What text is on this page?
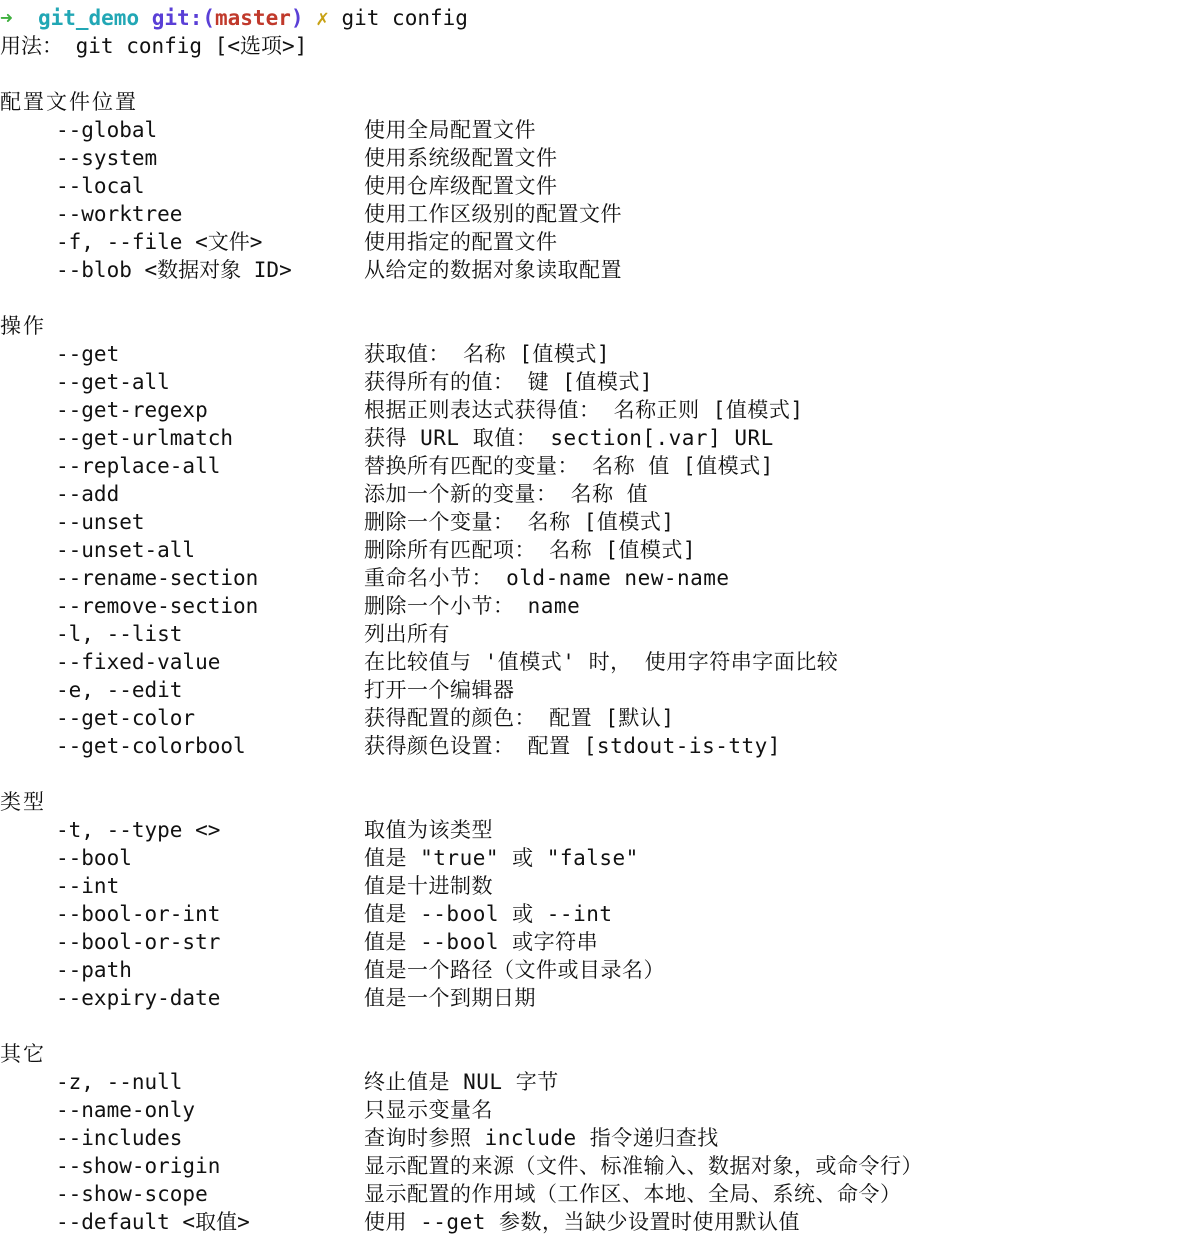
➜ git_demo git:(master) ✗ git config
用法： git config [<选项>]
配置文件位置
--global	使用全局配置文件
--system	使用系统级配置文件
--local	使用仓库级配置文件
--worktree	使用工作区级别的配置文件
-f, --file <文件>	使用指定的配置文件
--blob <数据对象 ID>	从给定的数据对象读取配置
操作
--get	获取值： 名称 [值模式]
--get-all	获得所有的值： 键 [值模式]
--get-regexp	根据正则表达式获得值： 名称正则 [值模式]
--get-urlmatch	获得 URL 取值： section[.var] URL
--replace-all	替换所有匹配的变量： 名称 值 [值模式]
--add	添加一个新的变量： 名称 值
--unset	删除一个变量： 名称 [值模式]
--unset-all	删除所有匹配项： 名称 [值模式]
--rename-section	重命名小节： old-name new-name
--remove-section	删除一个小节： name
-l, --list	列出所有
--fixed-value	在比较值与 '值模式' 时， 使用字符串字面比较
-e, --edit	打开一个编辑器
--get-color	获得配置的颜色： 配置 [默认]
--get-colorbool	获得颜色设置： 配置 [stdout-is-tty]
类型
-t, --type <>	取值为该类型
--bool	值是 "true" 或 "false"
--int	值是十进制数
--bool-or-int	值是 --bool 或 --int
--bool-or-str	值是 --bool 或字符串
--path	值是一个路径（文件或目录名）
--expiry-date	值是一个到期日期
其它
-z, --null	终止值是 NUL 字节
--name-only	只显示变量名
--includes	查询时参照 include 指令递归查找
--show-origin	显示配置的来源（文件、标准输入、数据对象，或命令行）
--show-scope	显示配置的作用域（工作区、本地、全局、系统、命令）
--default <取值>	使用 --get 参数，当缺少设置时使用默认值
